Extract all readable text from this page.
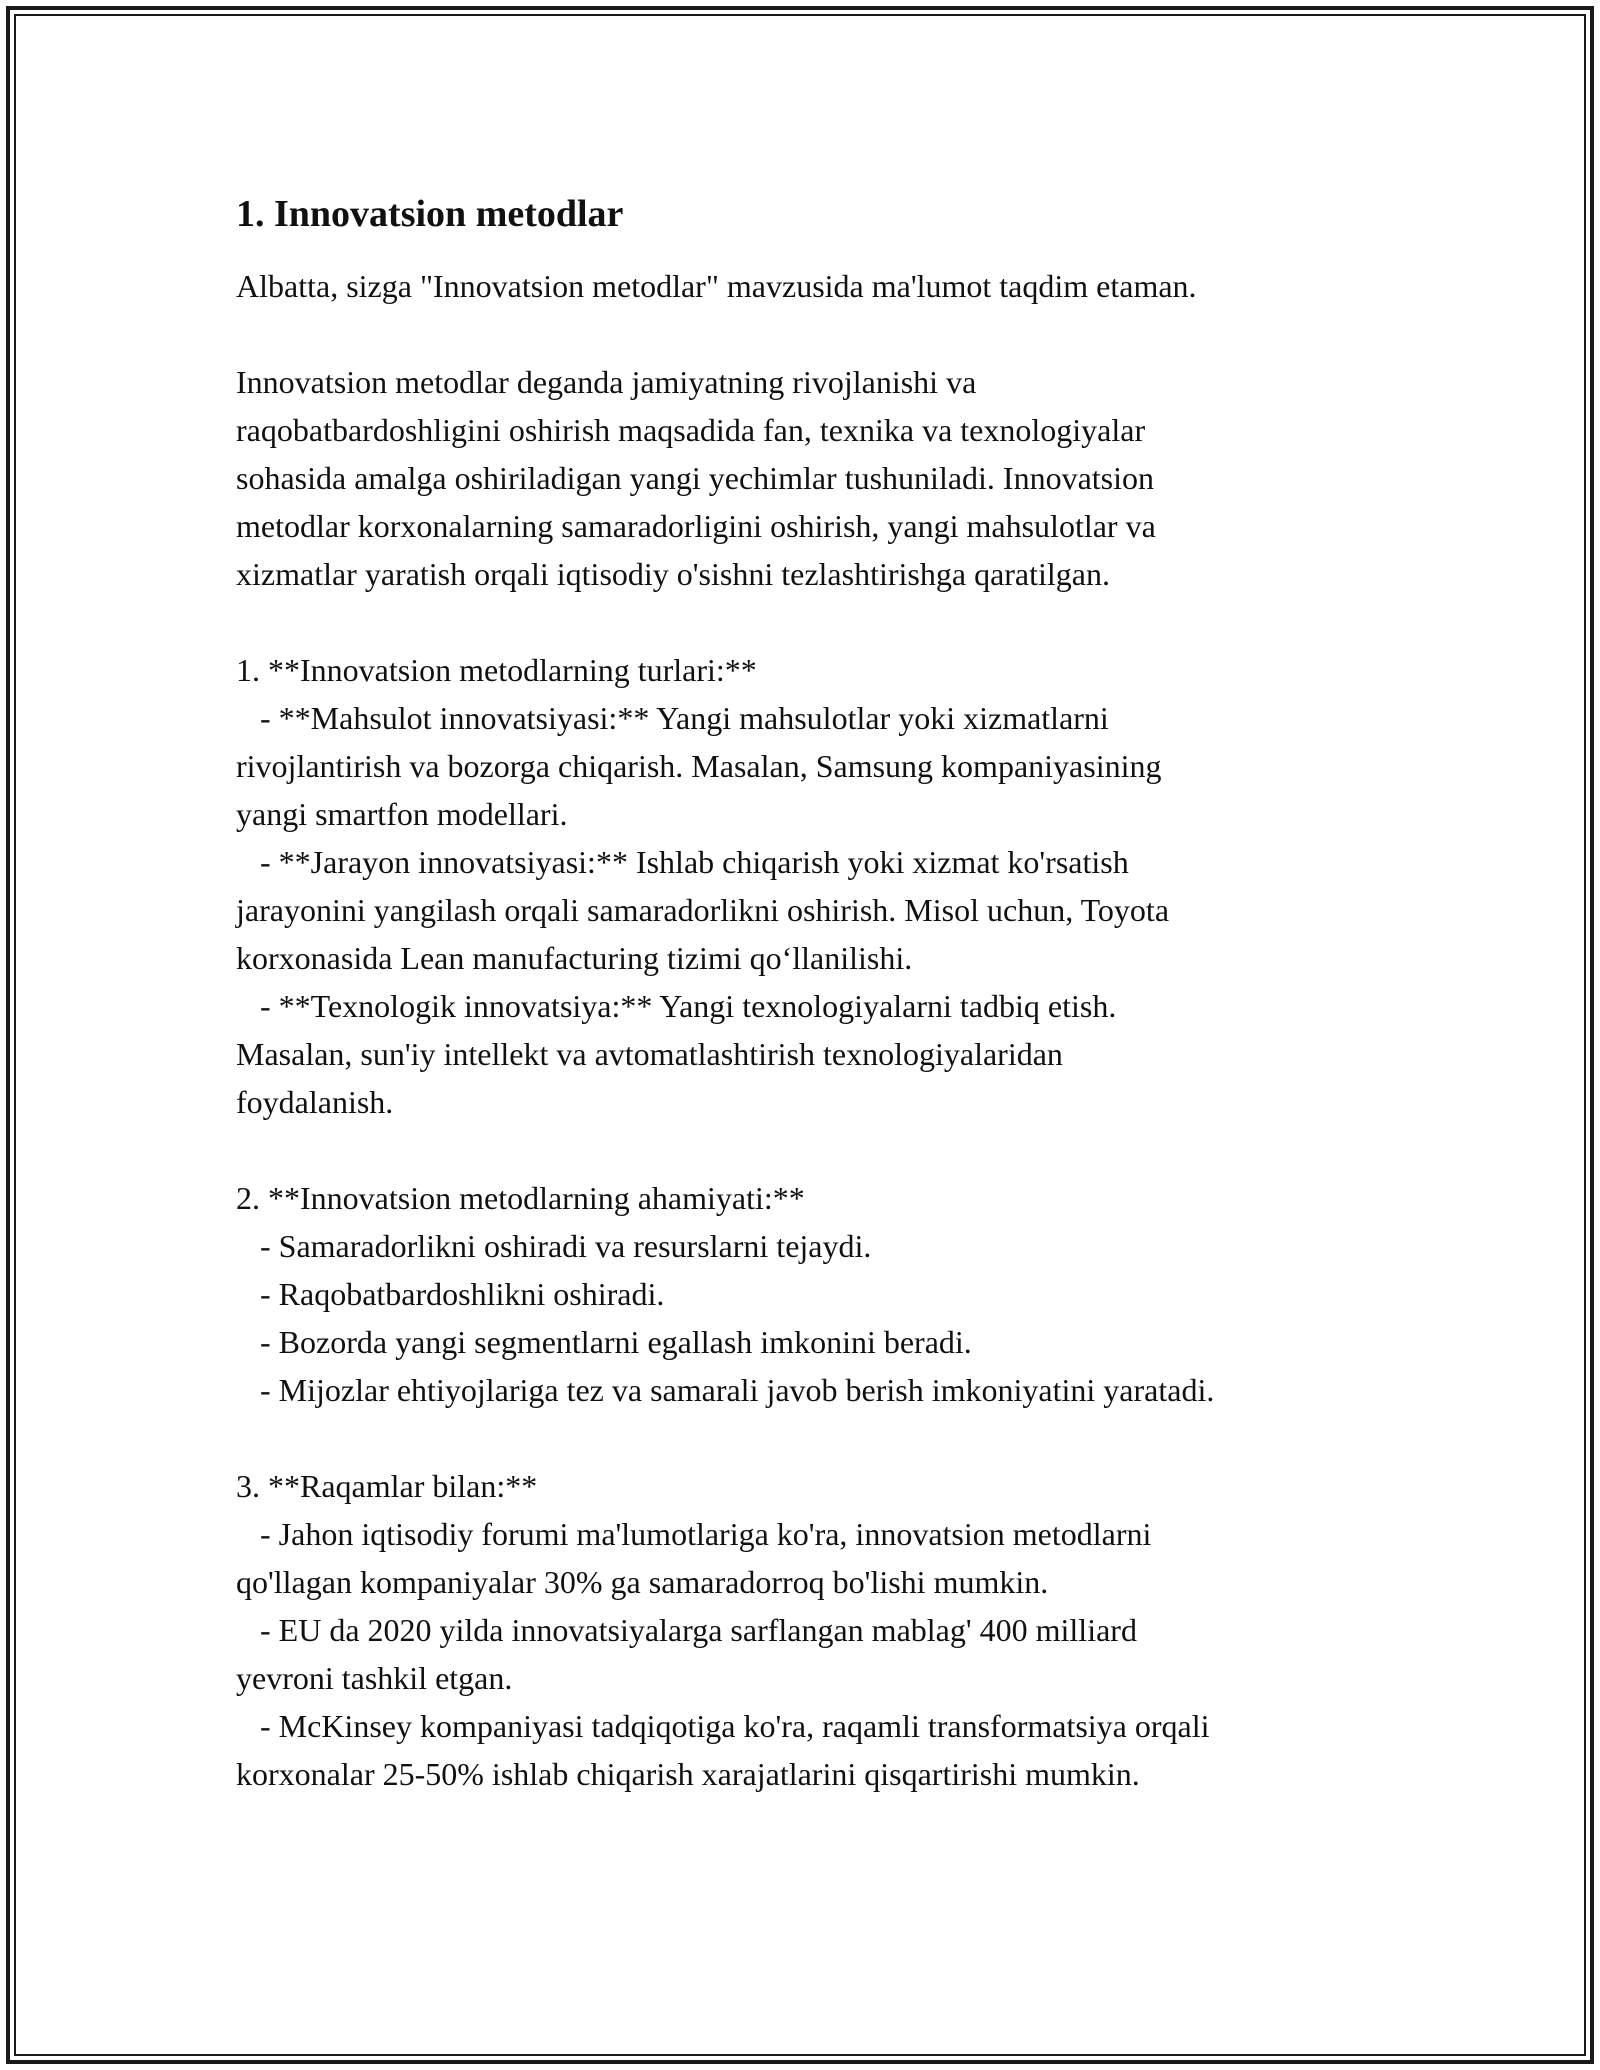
1. Innovatsion metodlar

Albatta, sizga "Innovatsion metodlar" mavzusida ma'lumot taqdim etaman.

Innovatsion metodlar deganda jamiyatning rivojlanishi va
raqobatbardoshligini oshirish maqsadida fan, texnika va texnologiyalar
sohasida amalga oshiriladigan yangi yechimlar tushuniladi. Innovatsion
metodlar korxonalarning samaradorligini oshirish, yangi mahsulotlar va
xizmatlar yaratish orqali iqtisodiy o'sishni tezlashtirishga qaratilgan.

1. **Innovatsion metodlarning turlari:**
- **Mahsulot innovatsiyasi:** Yangi mahsulotlar yoki xizmatlarni
rivojlantirish va bozorga chiqarish. Masalan, Samsung kompaniyasining
yangi smartfon modellari.
- **Jarayon innovatsiyasi:** Ishlab chiqarish yoki xizmat ko'rsatish
jarayonini yangilash orqali samaradorlikni oshirish. Misol uchun, Toyota
korxonasida Lean manufacturing tizimi qo‘llanilishi.
- **Texnologik innovatsiya:** Yangi texnologiyalarni tadbiq etish.
Masalan, sun'iy intellekt va avtomatlashtirish texnologiyalaridan
foydalanish.
2. **Innovatsion metodlarning ahamiyati:**
- Samaradorlikni oshiradi va resurslarni tejaydi.
- Raqobatbardoshlikni oshiradi.
- Bozorda yangi segmentlarni egallash imkonini beradi.
- Mijozlar ehtiyojlariga tez va samarali javob berish imkoniyatini yaratadi.
3. **Raqamlar bilan:**
- Jahon iqtisodiy forumi ma'lumotlariga ko'ra, innovatsion metodlarni
qo'llagan kompaniyalar 30% ga samaradorroq bo'lishi mumkin.
- EU da 2020 yilda innovatsiyalarga sarflangan mablag' 400 milliard
yevroni tashkil etgan.
- McKinsey kompaniyasi tadqiqotiga ko'ra, raqamli transformatsiya orqali
korxonalar 25-50% ishlab chiqarish xarajatlarini qisqartirishi mumkin.
